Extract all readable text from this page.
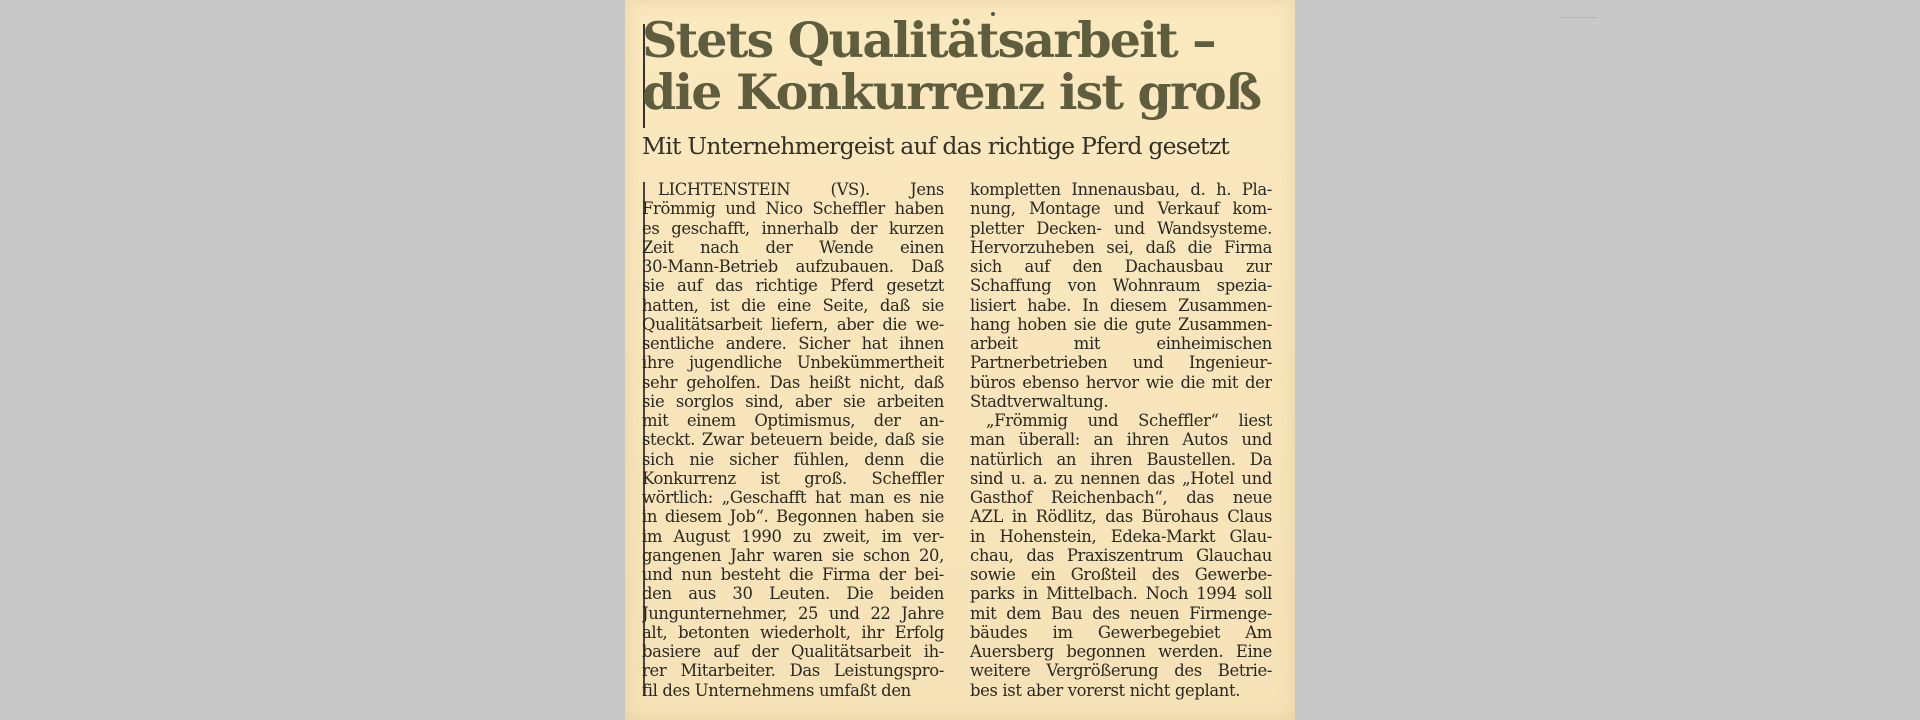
Stets Qualitätsarbeit –
die Konkurrenz ist groß
Mit Unternehmergeist auf das richtige Pferd gesetzt
 LICHTENSTEIN (VS). Jens
Frömmig und Nico Scheffler haben
es geschafft, innerhalb der kurzen
Zeit nach der Wende einen
30-Mann-Betrieb aufzubauen. Daß
sie auf das richtige Pferd gesetzt
hatten, ist die eine Seite, daß sie
Qualitätsarbeit liefern, aber die we-
sentliche andere. Sicher hat ihnen
ihre jugendliche Unbekümmertheit
sehr geholfen. Das heißt nicht, daß
sie sorglos sind, aber sie arbeiten
mit einem Optimismus, der an-
steckt. Zwar beteuern beide, daß sie
sich nie sicher fühlen, denn die
Konkurrenz ist groß. Scheffler
wörtlich: „Geschafft hat man es nie
in diesem Job“. Begonnen haben sie
im August 1990 zu zweit, im ver-
gangenen Jahr waren sie schon 20,
und nun besteht die Firma der bei-
den aus 30 Leuten. Die beiden
Jungunternehmer, 25 und 22 Jahre
alt, betonten wiederholt, ihr Erfolg
basiere auf der Qualitätsarbeit ih-
rer Mitarbeiter. Das Leistungspro-
fil des Unternehmens umfaßt den
kompletten Innenausbau, d. h. Pla-
nung, Montage und Verkauf kom-
pletter Decken- und Wandsysteme.
Hervorzuheben sei, daß die Firma
sich auf den Dachausbau zur
Schaffung von Wohnraum spezia-
lisiert habe. In diesem Zusammen-
hang hoben sie die gute Zusammen-
arbeit mit einheimischen
Partnerbetrieben und Ingenieur-
büros ebenso hervor wie die mit der
Stadtverwaltung.
 „Frömmig und Scheffler“ liest
man überall: an ihren Autos und
natürlich an ihren Baustellen. Da
sind u. a. zu nennen das „Hotel und
Gasthof Reichenbach“, das neue
AZL in Rödlitz, das Bürohaus Claus
in Hohenstein, Edeka-Markt Glau-
chau, das Praxiszentrum Glauchau
sowie ein Großteil des Gewerbe-
parks in Mittelbach. Noch 1994 soll
mit dem Bau des neuen Firmenge-
bäudes im Gewerbegebiet Am
Auersberg begonnen werden. Eine
weitere Vergrößerung des Betrie-
bes ist aber vorerst nicht geplant.
